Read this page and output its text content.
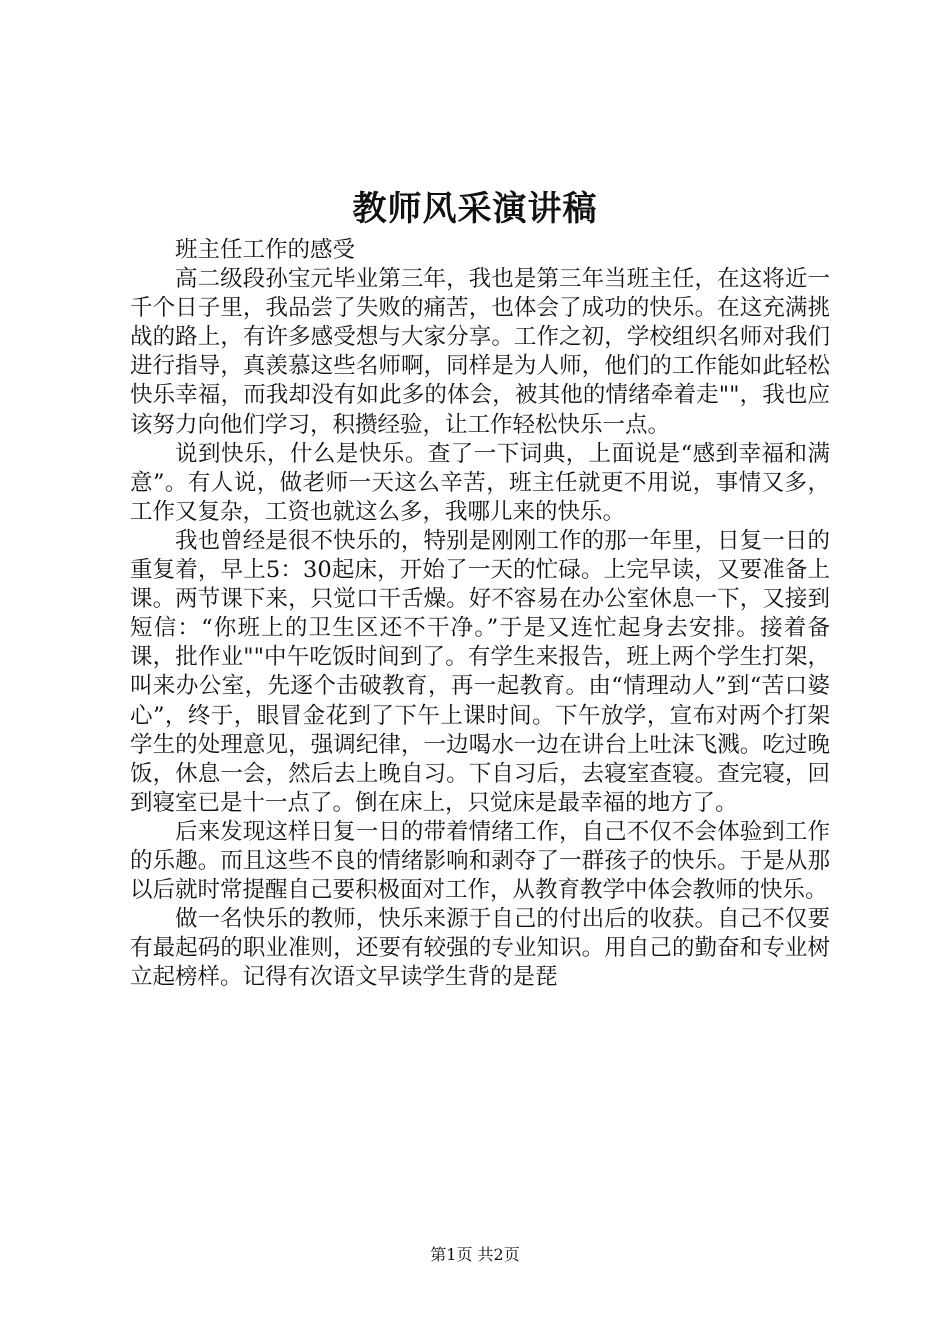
教师风采演讲稿

班主任工作的感受

高二级段孙宝元毕业第三年，我也是第三年当班主任，在这将近一千个日子里，我品尝了失败的痛苦，也体会了成功的快乐。在这充满挑战的路上，有许多感受想与大家分享。工作之初，学校组织名师对我们进行指导，真羡慕这些名师啊，同样是为人师，他们的工作能如此轻松快乐幸福，而我却没有如此多的体会，被其他的情绪牵着走""，我也应该努力向他们学习，积攒经验，让工作轻松快乐一点。

说到快乐，什么是快乐。查了一下词典，上面说是“感到幸福和满意”。有人说，做老师一天这么辛苦，班主任就更不用说，事情又多，工作又复杂，工资也就这么多，我哪儿来的快乐。

我也曾经是很不快乐的，特别是刚刚工作的那一年里，日复一日的重复着，早上5：30起床，开始了一天的忙碌。上完早读，又要准备上课。两节课下来，只觉口干舌燥。好不容易在办公室休息一下，又接到短信：“你班上的卫生区还不干净。”于是又连忙起身去安排。接着备课，批作业""中午吃饭时间到了。有学生来报告，班上两个学生打架，叫来办公室，先逐个击破教育，再一起教育。由“情理动人”到“苦口婆心”，终于，眼冒金花到了下午上课时间。下午放学，宣布对两个打架学生的处理意见，强调纪律，一边喝水一边在讲台上吐沫飞溅。吃过晚饭，休息一会，然后去上晚自习。下自习后，去寝室查寝。查完寝，回到寝室已是十一点了。倒在床上，只觉床是最幸福的地方了。

后来发现这样日复一日的带着情绪工作，自己不仅不会体验到工作的乐趣。而且这些不良的情绪影响和剥夺了一群孩子的快乐。于是从那以后就时常提醒自己要积极面对工作，从教育教学中体会教师的快乐。

做一名快乐的教师，快乐来源于自己的付出后的收获。自己不仅要有最起码的职业准则，还要有较强的专业知识。用自己的勤奋和专业树立起榜样。记得有次语文早读学生背的是琵

第1页 共2页
